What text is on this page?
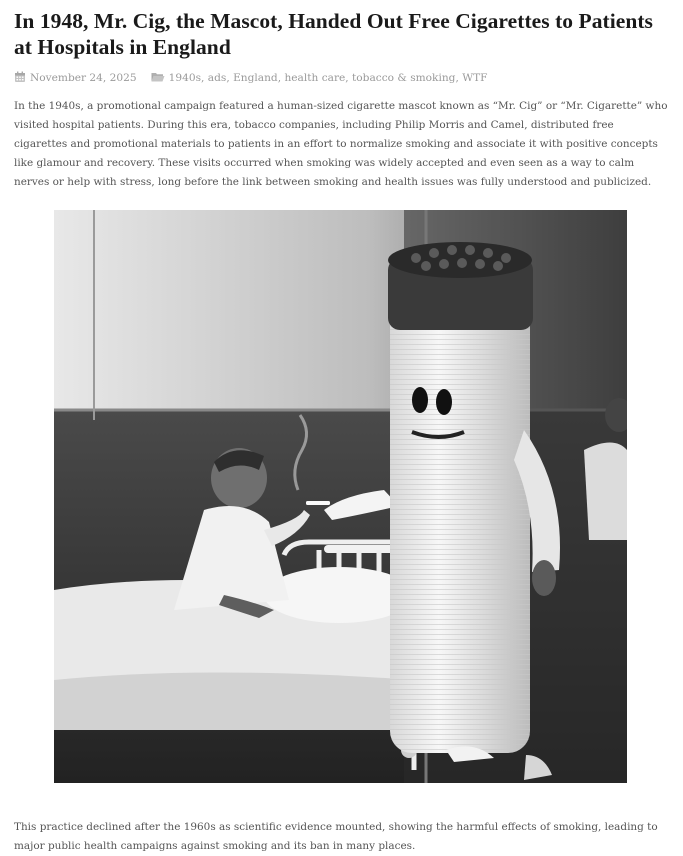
In 1948, Mr. Cig, the Mascot, Handed Out Free Cigarettes to Patients at Hospitals in England
November 24, 2025	1940s, ads, England, health care, tobacco & smoking, WTF

In the 1940s, a promotional campaign featured a human-sized cigarette mascot known as “Mr. Cig” or “Mr. Cigarette” who visited hospital patients. During this era, tobacco companies, including Philip Morris and Camel, distributed free cigarettes and promotional materials to patients in an effort to normalize smoking and associate it with positive concepts like glamour and recovery. These visits occurred when smoking was widely accepted and even seen as a way to calm nerves or help with stress, long before the link between smoking and health issues was fully understood and publicized.

This practice declined after the 1960s as scientific evidence mounted, showing the harmful effects of smoking, leading to major public health campaigns against smoking and its ban in many places.
